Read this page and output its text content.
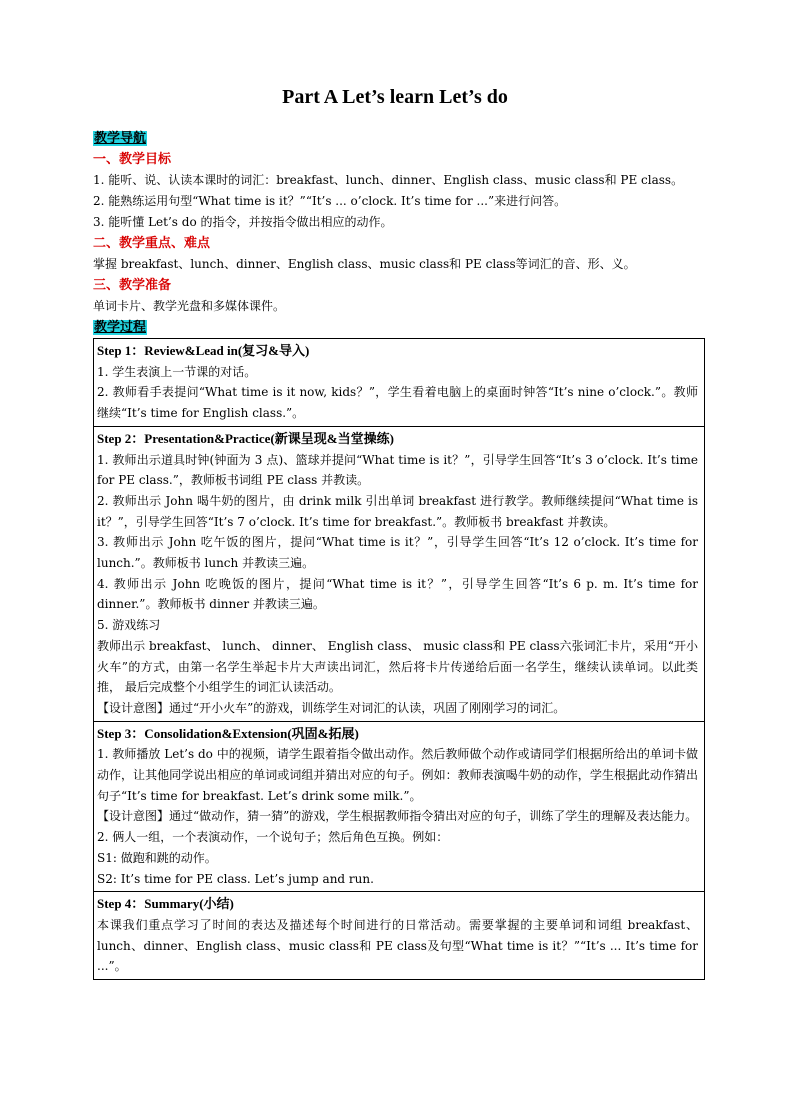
Part A Let’s learn Let’s do
教学导航
一、教学目标
1. 能听、说、认读本课时的词汇：breakfast、lunch、dinner、English class、music class和 PE class。
2. 能熟练运用句型“What time is it？”“It’s ... o’clock. It’s time for ...”来进行问答。
3. 能听懂 Let’s do 的指令，并按指令做出相应的动作。
二、教学重点、难点
掌握 breakfast、lunch、dinner、English class、music class和 PE class等词汇的音、形、义。
三、教学准备
单词卡片、教学光盘和多媒体课件。
教学过程
Step 1：Review&Lead in(复习&导入)
1. 学生表演上一节课的对话。
2. 教师看手表提问“What time is it now, kids？”，学生看着电脑上的桌面时钟答“It’s nine o’clock.”。教师继续“It’s time for English class.”。

Step 2：Presentation&Practice(新课呈现&当堂操练)
1. 教师出示道具时钟(钟面为 3 点)、篮球并提问“What time is it？”，引导学生回答“It’s 3 o’clock. It’s time for PE class.”，教师板书词组 PE class 并教读。
2. 教师出示 John 喝牛奶的图片，由 drink milk 引出单词 breakfast 进行教学。教师继续提问“What time is it？”，引导学生回答“It’s 7 o’clock. It’s time for breakfast.”。教师板书 breakfast 并教读。
3. 教师出示 John 吃午饭的图片，提问“What time is it？”，引导学生回答“It’s 12 o’clock. It’s time for lunch.”。教师板书 lunch 并教读三遍。
4. 教师出示 John 吃晚饭的图片，提问“What time is it？”，引导学生回答“It’s 6 p. m. It’s time for dinner.”。教师板书 dinner 并教读三遍。
5. 游戏练习
教师出示 breakfast、 lunch、 dinner、 English class、 music class和 PE class六张词汇卡片，采用“开小火车”的方式，由第一名学生举起卡片大声读出词汇，然后将卡片传递给后面一名学生，继续认读单词。以此类推， 最后完成整个小组学生的词汇认读活动。
【设计意图】通过“开小火车”的游戏，训练学生对词汇的认读，巩固了刚刚学习的词汇。

Step 3：Consolidation&Extension(巩固&拓展)
1. 教师播放 Let’s do 中的视频，请学生跟着指令做出动作。然后教师做个动作或请同学们根据所给出的单词卡做动作，让其他同学说出相应的单词或词组并猜出对应的句子。例如：教师表演喝牛奶的动作，学生根据此动作猜出句子“It’s time for breakfast. Let’s drink some milk.”。
【设计意图】通过“做动作，猜一猜”的游戏，学生根据教师指令猜出对应的句子，训练了学生的理解及表达能力。
2. 俩人一组，一个表演动作，一个说句子；然后角色互换。例如：
S1: 做跑和跳的动作。
S2: It’s time for PE class. Let’s jump and run.

Step 4：Summary(小结)
本课我们重点学习了时间的表达及描述每个时间进行的日常活动。需要掌握的主要单词和词组 breakfast、lunch、dinner、English class、music class和 PE class及句型“What time is it？”“It’s ... It’s time for ...”。
